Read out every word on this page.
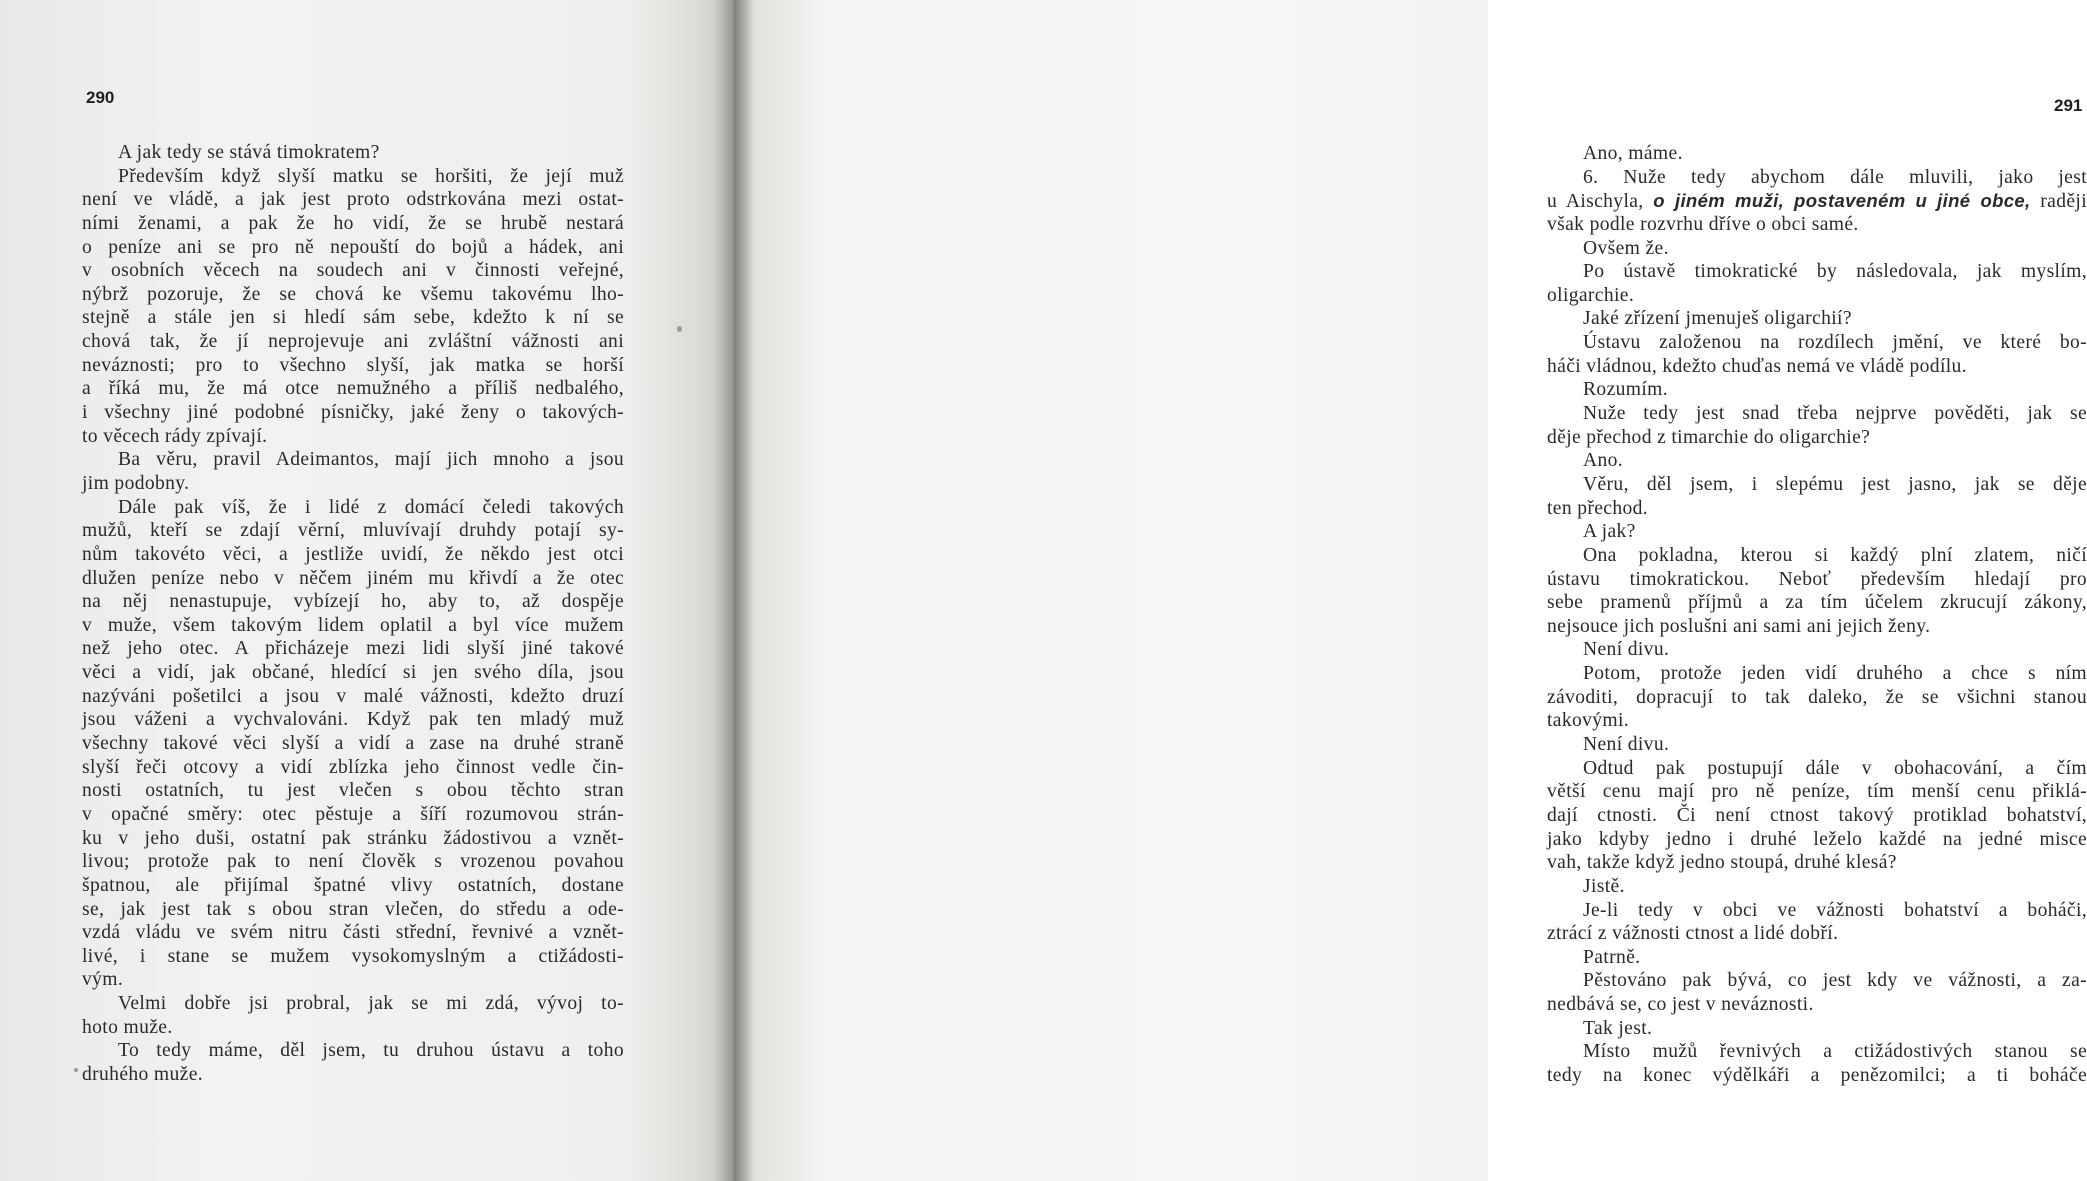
290
A jak tedy se stává timokratem?
Především když slyší matku se horšiti, že její muž
není ve vládě, a jak jest proto odstrkována mezi ostat-
ními ženami, a pak že ho vidí, že se hrubě nestará
o peníze ani se pro ně nepouští do bojů a hádek, ani
v osobních věcech na soudech ani v činnosti veřejné,
nýbrž pozoruje, že se chová ke všemu takovému lho-
stejně a stále jen si hledí sám sebe, kdežto k ní se
chová tak, že jí neprojevuje ani zvláštní vážnosti ani
neváznosti; pro to všechno slyší, jak matka se horší
a říká mu, že má otce nemužného a příliš nedbalého,
i všechny jiné podobné písničky, jaké ženy o takových-
to věcech rády zpívají.
Ba věru, pravil Adeimantos, mají jich mnoho a jsou
jim podobny.
Dále pak víš, že i lidé z domácí čeledi takových
mužů, kteří se zdají věrní, mluvívají druhdy potají sy-
nům takovéto věci, a jestliže uvidí, že někdo jest otci
dlužen peníze nebo v něčem jiném mu křivdí a že otec
na něj nenastupuje, vybízejí ho, aby to, až dospěje
v muže, všem takovým lidem oplatil a byl více mužem
než jeho otec. A přicházeje mezi lidi slyší jiné takové
věci a vidí, jak občané, hledící si jen svého díla, jsou
nazýváni pošetilci a jsou v malé vážnosti, kdežto druzí
jsou váženi a vychvalováni. Když pak ten mladý muž
všechny takové věci slyší a vidí a zase na druhé straně
slyší řeči otcovy a vidí zblízka jeho činnost vedle čin-
nosti ostatních, tu jest vlečen s obou těchto stran
v opačné směry: otec pěstuje a šíří rozumovou strán-
ku v jeho duši, ostatní pak stránku žádostivou a vznět-
livou; protože pak to není člověk s vrozenou povahou
špatnou, ale přijímal špatné vlivy ostatních, dostane
se, jak jest tak s obou stran vlečen, do středu a ode-
vzdá vládu ve svém nitru části střední, řevnivé a vznět-
livé, i stane se mužem vysokomyslným a ctižádosti-
vým.
Velmi dobře jsi probral, jak se mi zdá, vývoj to-
hoto muže.
To tedy máme, děl jsem, tu druhou ústavu a toho
druhého muže.
291
Ano, máme.
6. Nuže tedy abychom dále mluvili, jako jest
u Aischyla, o jiném muži, postaveném u jiné obce, raději
však podle rozvrhu dříve o obci samé.
Ovšem že.
Po ústavě timokratické by následovala, jak myslím,
oligarchie.
Jaké zřízení jmenuješ oligarchií?
Ústavu založenou na rozdílech jmění, ve které bo-
háči vládnou, kdežto chuďas nemá ve vládě podílu.
Rozumím.
Nuže tedy jest snad třeba nejprve pověděti, jak se
děje přechod z timarchie do oligarchie?
Ano.
Věru, děl jsem, i slepému jest jasno, jak se děje
ten přechod.
A jak?
Ona pokladna, kterou si každý plní zlatem, ničí
ústavu timokratickou. Neboť především hledají pro
sebe pramenů příjmů a za tím účelem zkrucují zákony,
nejsouce jich poslušni ani sami ani jejich ženy.
Není divu.
Potom, protože jeden vidí druhého a chce s ním
závoditi, dopracují to tak daleko, že se všichni stanou
takovými.
Není divu.
Odtud pak postupují dále v obohacování, a čím
větší cenu mají pro ně peníze, tím menší cenu přiklá-
dají ctnosti. Či není ctnost takový protiklad bohatství,
jako kdyby jedno i druhé leželo každé na jedné misce
vah, takže když jedno stoupá, druhé klesá?
Jistě.
Je-li tedy v obci ve vážnosti bohatství a boháči,
ztrácí z vážnosti ctnost a lidé dobří.
Patrně.
Pěstováno pak bývá, co jest kdy ve vážnosti, a za-
nedbává se, co jest v neváznosti.
Tak jest.
Místo mužů řevnivých a ctižádostivých stanou se
tedy na konec výdělkáři a penězomilci; a ti boháče
